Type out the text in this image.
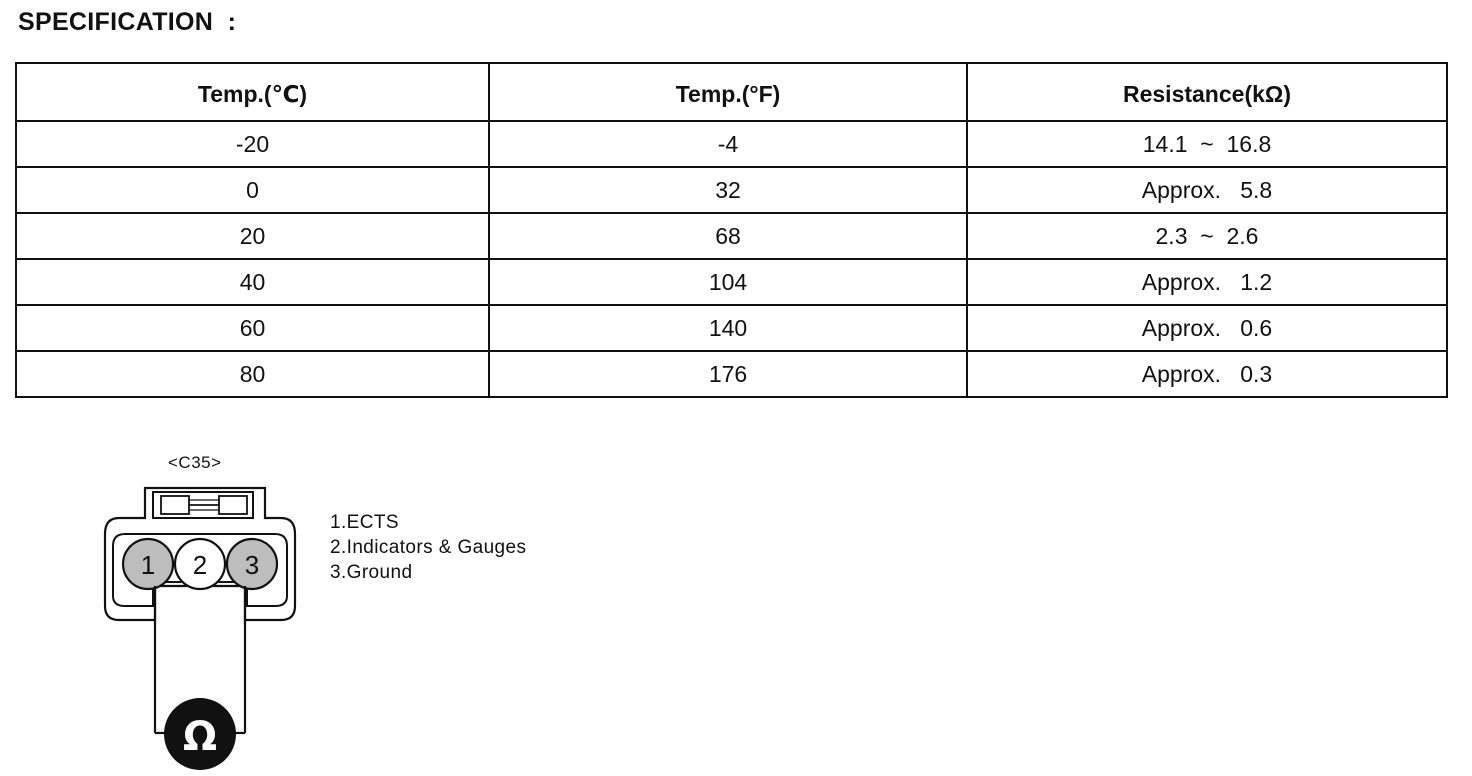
SPECIFICATION  :
Temp.(℃)	Temp.(°F)	Resistance(kΩ)
-20	-4	14.1  ~  16.8
0	32	Approx.   5.8
20	68	2.3  ~  2.6
40	104	Approx.   1.2
60	140	Approx.   0.6
80	176	Approx.   0.3
<C35>
1 2 3
Ω
1.ECTS
2.Indicators & Gauges
3.Ground
